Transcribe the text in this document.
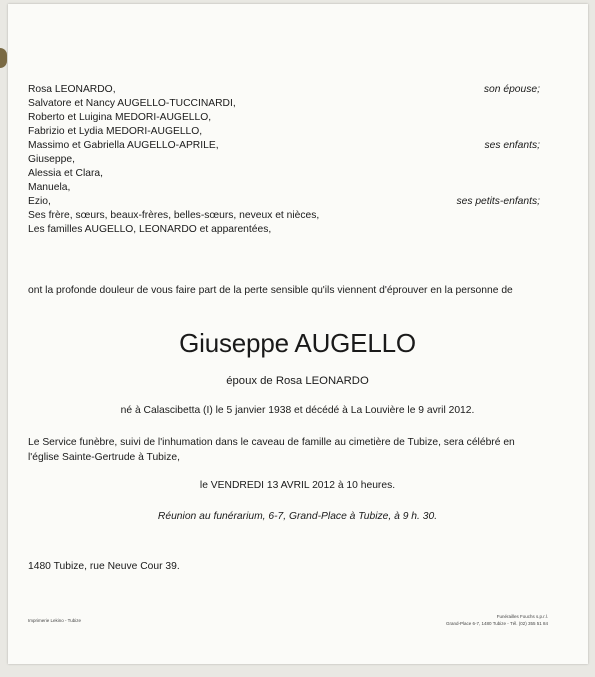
Rosa LEONARDO,	son épouse;
Salvatore et Nancy AUGELLO-TUCCINARDI,
Roberto et Luigina MEDORI-AUGELLO,
Fabrizio et Lydia MEDORI-AUGELLO,
Massimo et Gabriella AUGELLO-APRILE,	ses enfants;
Giuseppe,
Alessia et Clara,
Manuela,
Ezio,	ses petits-enfants;
Ses frère, sœurs, beaux-frères, belles-sœurs, neveux et nièces,
Les familles AUGELLO, LEONARDO et apparentées,

ont la profonde douleur de vous faire part de la perte sensible qu'ils viennent d'éprouver en la personne de

Giuseppe AUGELLO

époux de Rosa LEONARDO

né à Calascibetta (I) le 5 janvier 1938 et décédé à La Louvière le 9 avril 2012.

Le Service funèbre, suivi de l'inhumation dans le caveau de famille au cimetière de Tubize, sera célébré en l'église Sainte-Gertrude à Tubize,

le VENDREDI 13 AVRIL 2012 à 10 heures.

Réunion au funérarium, 6-7, Grand-Place à Tubize, à 9 h. 30.

1480 Tubize, rue Neuve Cour 39.

Imprimerie Lekino - Tubize

Funérailles Fouchs s.p.r.l.
Grand-Place 6-7, 1480 Tubize - Tél. (02) 355 51 84
